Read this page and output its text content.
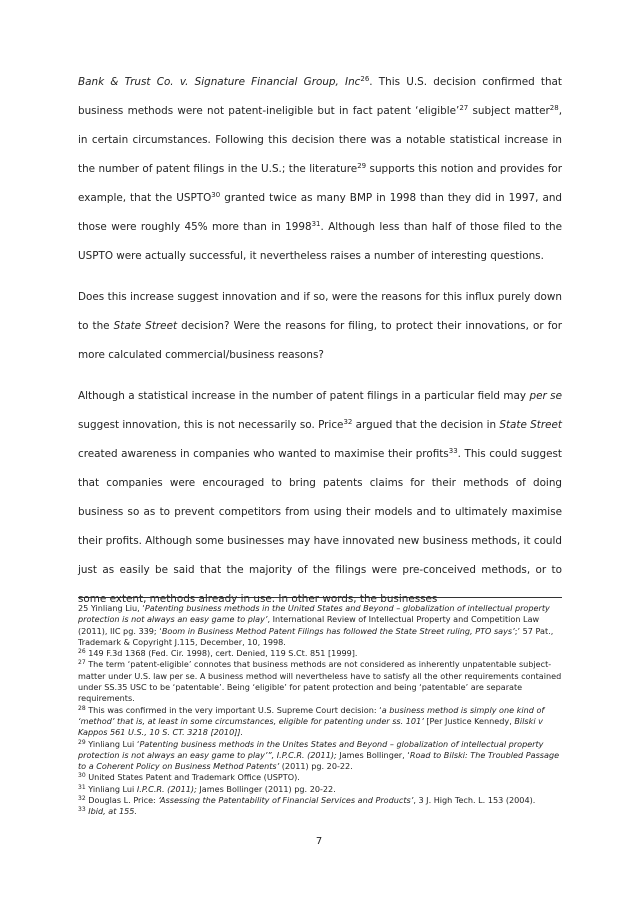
Bank & Trust Co. v. Signature Financial Group, Inc$^{26}$. This U.S. decision confirmed that business methods were not patent-ineligible but in fact patent ‘eligible’$^{27}$ subject matter$^{28}$, in certain circumstances. Following this decision there was a notable statistical increase in the number of patent filings in the U.S.; the literature$^{29}$ supports this notion and provides for example, that the USPTO$^{30}$ granted twice as many BMP in 1998 than they did in 1997, and those were roughly 45% more than in 1998$^{31}$. Although less than half of those filed to the USPTO were actually successful, it nevertheless raises a number of interesting questions.

Does this increase suggest innovation and if so, were the reasons for this influx purely down to the State Street decision? Were the reasons for filing, to protect their innovations, or for more calculated commercial/business reasons?

Although a statistical increase in the number of patent filings in a particular field may per se suggest innovation, this is not necessarily so. Price$^{32}$ argued that the decision in State Street created awareness in companies who wanted to maximise their profits$^{33}$. This could suggest that companies were encouraged to bring patents claims for their methods of doing business so as to prevent competitors from using their models and to ultimately maximise their profits. Although some businesses may have innovated new business methods, it could just as easily be said that the majority of the filings were pre-conceived methods, or to some extent, methods already in use. In other words, the businesses

25 Yinliang Liu, ‘Patenting business methods in the United States and Beyond – globalization of intellectual property protection is not always an easy game to play’, International Review of Intellectual Property and Competition Law (2011), IIC pg. 339; ‘Boom in Business Method Patent Filings has followed the State Street ruling, PTO says’;’ 57 Pat., Trademark & Copyright J.115, December, 10, 1998.

$^{26}$ 149 F.3d 1368 (Fed. Cir. 1998), cert. Denied, 119 S.Ct. 851 [1999].

$^{27}$ The term ‘patent-eligible’ connotes that business methods are not considered as inherently unpatentable subject-matter under U.S. law per se. A business method will nevertheless have to satisfy all the other requirements contained under SS.35 USC to be ‘patentable’. Being ‘eligible’ for patent protection and being ‘patentable’ are separate requirements.

$^{28}$ This was confirmed in the very important U.S. Supreme Court decision: ‘a business method is simply one kind of ‘method’ that is, at least in some circumstances, eligible for patenting under ss. 101’ [Per Justice Kennedy, Bilski v Kappos 561 U.S., 10 S. CT. 3218 [2010]].

$^{29}$ Yinliang Lui ‘Patenting business methods in the Unites States and Beyond – globalization of intellectual property protection is not always an easy game to play’”, I.P.C.R. (2011); James Bollinger, ‘Road to Bilski: The Troubled Passage to a Coherent Policy on Business Method Patents’ (2011) pg. 20-22.

$^{30}$ United States Patent and Trademark Office (USPTO).

$^{31}$ Yinliang Lui I.P.C.R. (2011); James Bollinger (2011) pg. 20-22.

$^{32}$ Douglas L. Price: ‘Assessing the Patentability of Financial Services and Products’, 3 J. High Tech. L. 153 (2004).

$^{33}$ Ibid, at 155.

7
